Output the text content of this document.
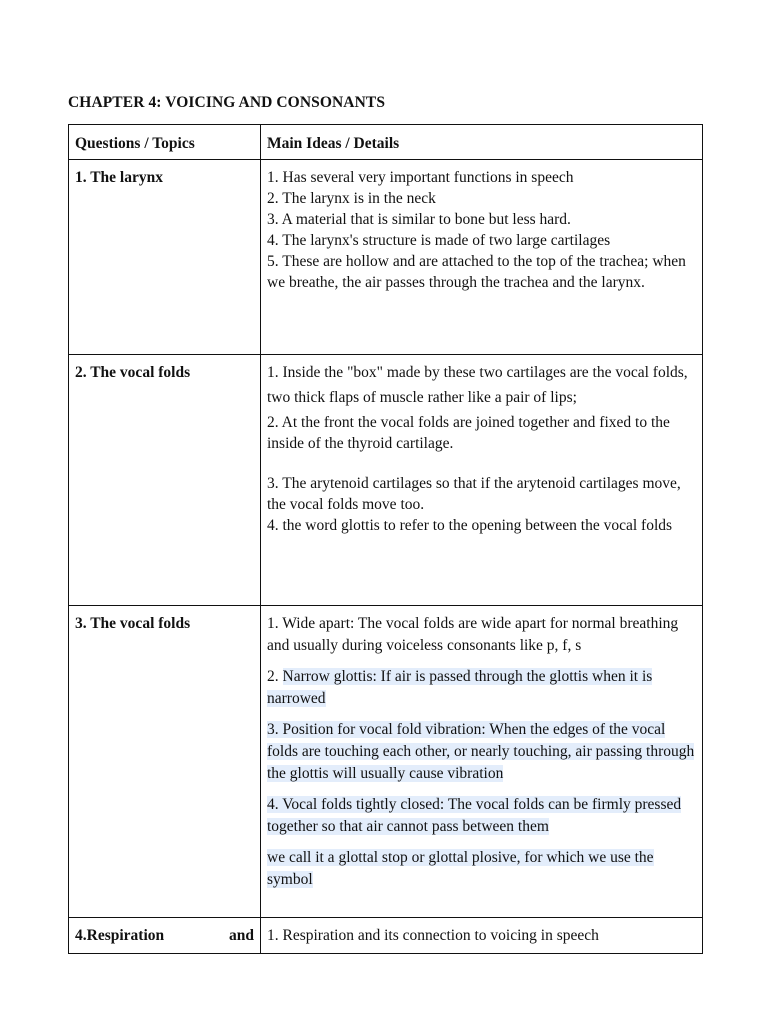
CHAPTER 4: VOICING AND CONSONANTS
Questions / Topics	Main Ideas / Details
1. The larynx	1. Has several very important functions in speech
2. The larynx is in the neck
3. A material that is similar to bone but less hard.
4. The larynx's structure is made of two large cartilages
5. These are hollow and are attached to the top of the trachea; when we breathe, the air passes through the trachea and the larynx.

2. The vocal folds	1. Inside the "box" made by these two cartilages are the vocal folds,
two thick flaps of muscle rather like a pair of lips;
2. At the front the vocal folds are joined together and fixed to the inside of the thyroid cartilage.
3. The arytenoid cartilages so that if the arytenoid cartilages move, the vocal folds move too.
4. the word glottis to refer to the opening between the vocal folds

3. The vocal folds	1. Wide apart: The vocal folds are wide apart for normal breathing and usually during voiceless consonants like p, f, s
2. Narrow glottis: If air is passed through the glottis when it is narrowed
3. Position for vocal fold vibration: When the edges of the vocal folds are touching each other, or nearly touching, air passing through the glottis will usually cause vibration
4. Vocal folds tightly closed: The vocal folds can be firmly pressed together so that air cannot pass between them
we call it a glottal stop or glottal plosive, for which we use the symbol

4.Respiration and	1. Respiration and its connection to voicing in speech
